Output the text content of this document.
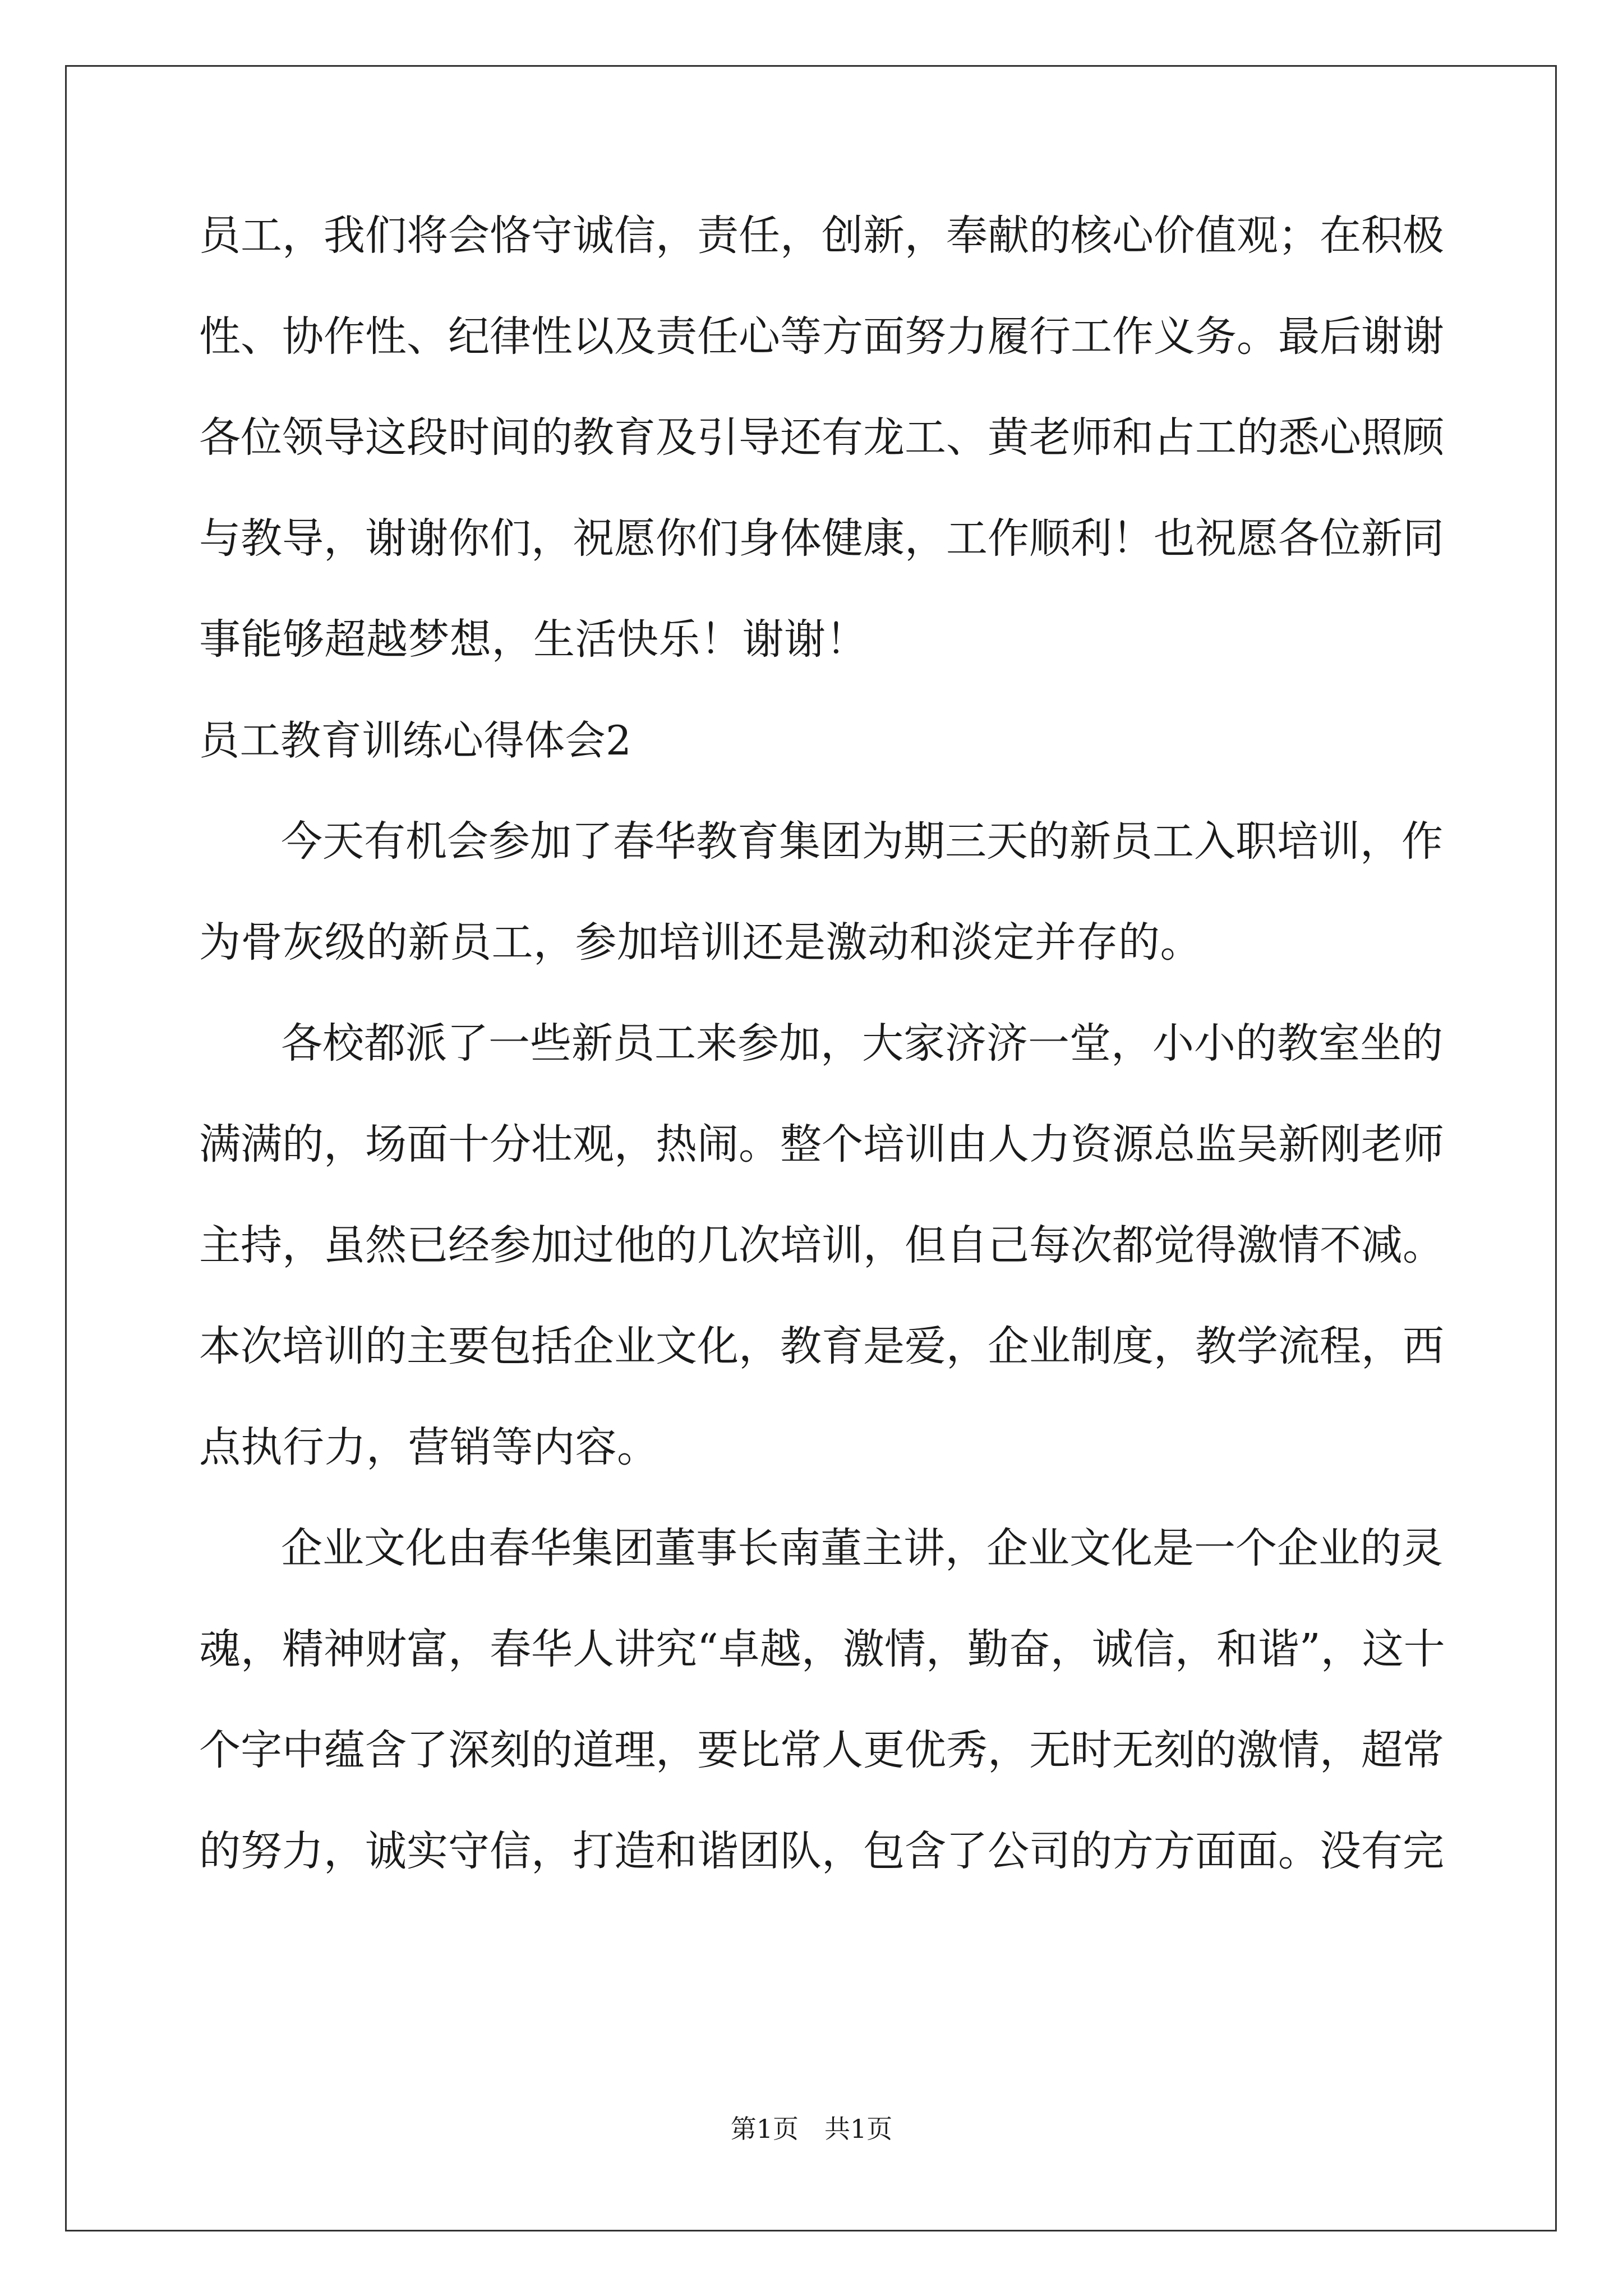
员 工 ， 我 们 将 会 恪 守 诚 信 ， 责 任 ， 创 新 ， 奉 献 的 核 心 价 值 观 ； 在 积 极
性 、 协 作 性 、 纪 律 性 以 及 责 任 心 等 方 面 努 力 履 行 工 作 义 务 。 最 后 谢 谢
各 位 领 导 这 段 时 间 的 教 育 及 引 导 还 有 龙 工 、 黄 老 师 和 占 工 的 悉 心 照 顾
与 教 导 ， 谢 谢 你 们 ， 祝 愿 你 们 身 体 健 康 ， 工 作 顺 利 ！ 也 祝 愿 各 位 新 同
事能够超越梦想，生活快乐！谢谢！
员工教育训练心得体会2
今 天 有 机 会 参 加 了 春 华 教 育 集 团 为 期 三 天 的 新 员 工 入 职 培 训 ， 作
为骨灰级的新员工，参加培训还是激动和淡定并存的。
各 校 都 派 了 一 些 新 员 工 来 参 加 ， 大 家 济 济 一 堂 ， 小 小 的 教 室 坐 的
满 满 的 ， 场 面 十 分 壮 观 ， 热 闹 。 整 个 培 训 由 人 力 资 源 总 监 吴 新 刚 老 师
主 持 ， 虽 然 已 经 参 加 过 他 的 几 次 培 训 ， 但 自 己 每 次 都 觉 得 激 情 不 减 。
本 次 培 训 的 主 要 包 括 企 业 文 化 ， 教 育 是 爱 ， 企 业 制 度 ， 教 学 流 程 ， 西
点执行力，营销等内容。
企 业 文 化 由 春 华 集 团 董 事 长 南 董 主 讲 ， 企 业 文 化 是 一 个 企 业 的 灵
魂 ， 精 神 财 富 ， 春 华 人 讲 究 “ 卓 越 ， 激 情 ， 勤 奋 ， 诚 信 ， 和 谐 ” ， 这 十
个 字 中 蕴 含 了 深 刻 的 道 理 ， 要 比 常 人 更 优 秀 ， 无 时 无 刻 的 激 情 ， 超 常
的 努 力 ， 诚 实 守 信 ， 打 造 和 谐 团 队 ， 包 含 了 公 司 的 方 方 面 面 。 没 有 完
第1页　共1页
